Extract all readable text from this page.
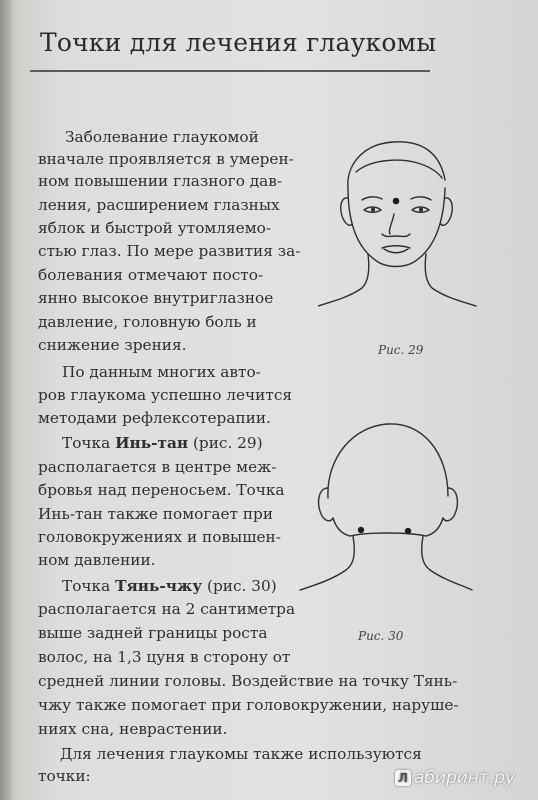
Точки для лечения глаукомы
Заболевание глаукомой
вначале проявляется в умерен-
ном повышении глазного дав-
ления, расширением глазных
яблок и быстрой утомляемо-
стью глаз. По мере развития за-
болевания отмечают посто-
янно высокое внутриглазное
давление, головную боль и
снижение зрения.
По данным многих авто-
ров глаукома успешно лечится
методами рефлексотерапии.
Точка Инь-тан (рис. 29)
располагается в центре меж-
бровья над переносьем. Точка
Инь-тан также помогает при
головокружениях и повышен-
ном давлении.
Точка Тянь-чжу (рис. 30)
располагается на 2 сантиметра
выше задней границы роста
волос, на 1,3 цуня в сторону от
средней линии головы. Воздействие на точку Тянь-
чжу также помогает при головокружении, наруше-
ниях сна, неврастении.
Для лечения глаукомы также используются
точки:
Рис. 29
Рис. 30
Л абиринт.ру
